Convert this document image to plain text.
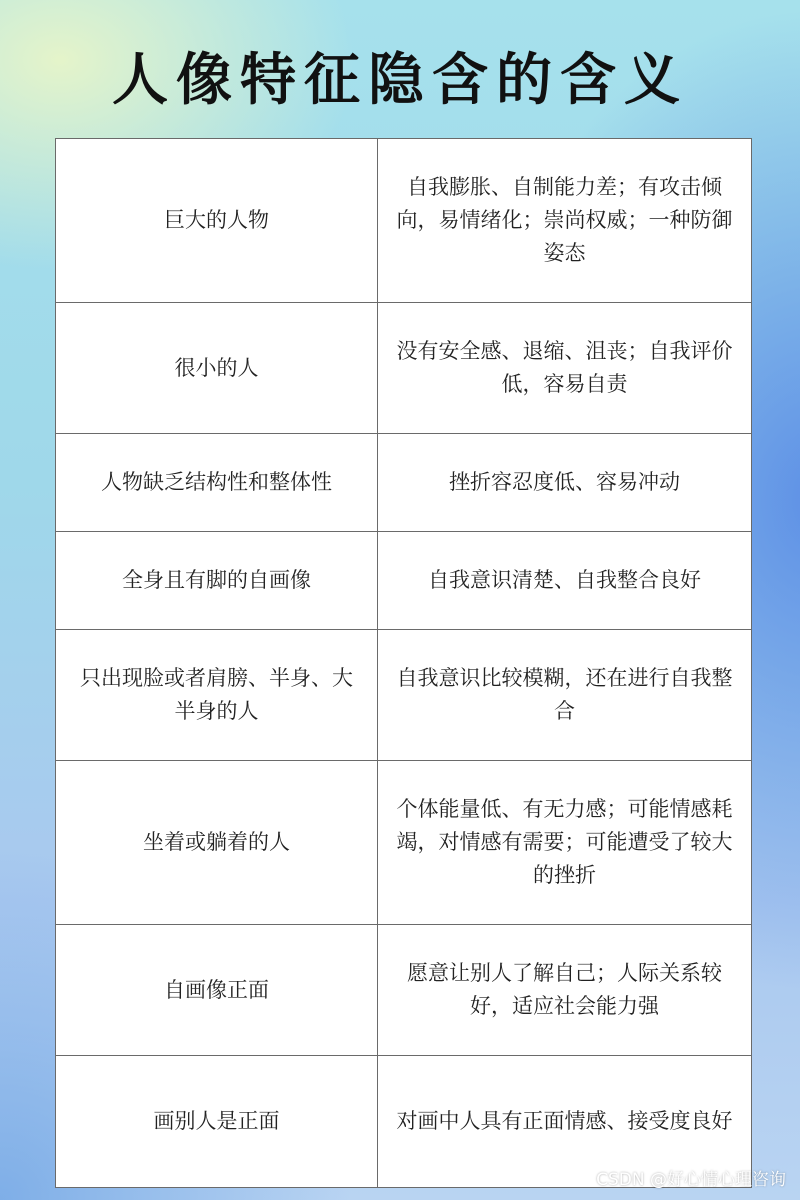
人像特征隐含的含义
巨大的人物	自我膨胀、自制能力差；有攻击倾向，易情绪化；崇尚权威；一种防御姿态
很小的人	没有安全感、退缩、沮丧；自我评价低，容易自责
人物缺乏结构性和整体性	挫折容忍度低、容易冲动
全身且有脚的自画像	自我意识清楚、自我整合良好
只出现脸或者肩膀、半身、大半身的人	自我意识比较模糊，还在进行自我整合
坐着或躺着的人	个体能量低、有无力感；可能情感耗竭，对情感有需要；可能遭受了较大的挫折
自画像正面	愿意让别人了解自己；人际关系较好，适应社会能力强
画别人是正面	对画中人具有正面情感、接受度良好
CSDN @好心情心理咨询
